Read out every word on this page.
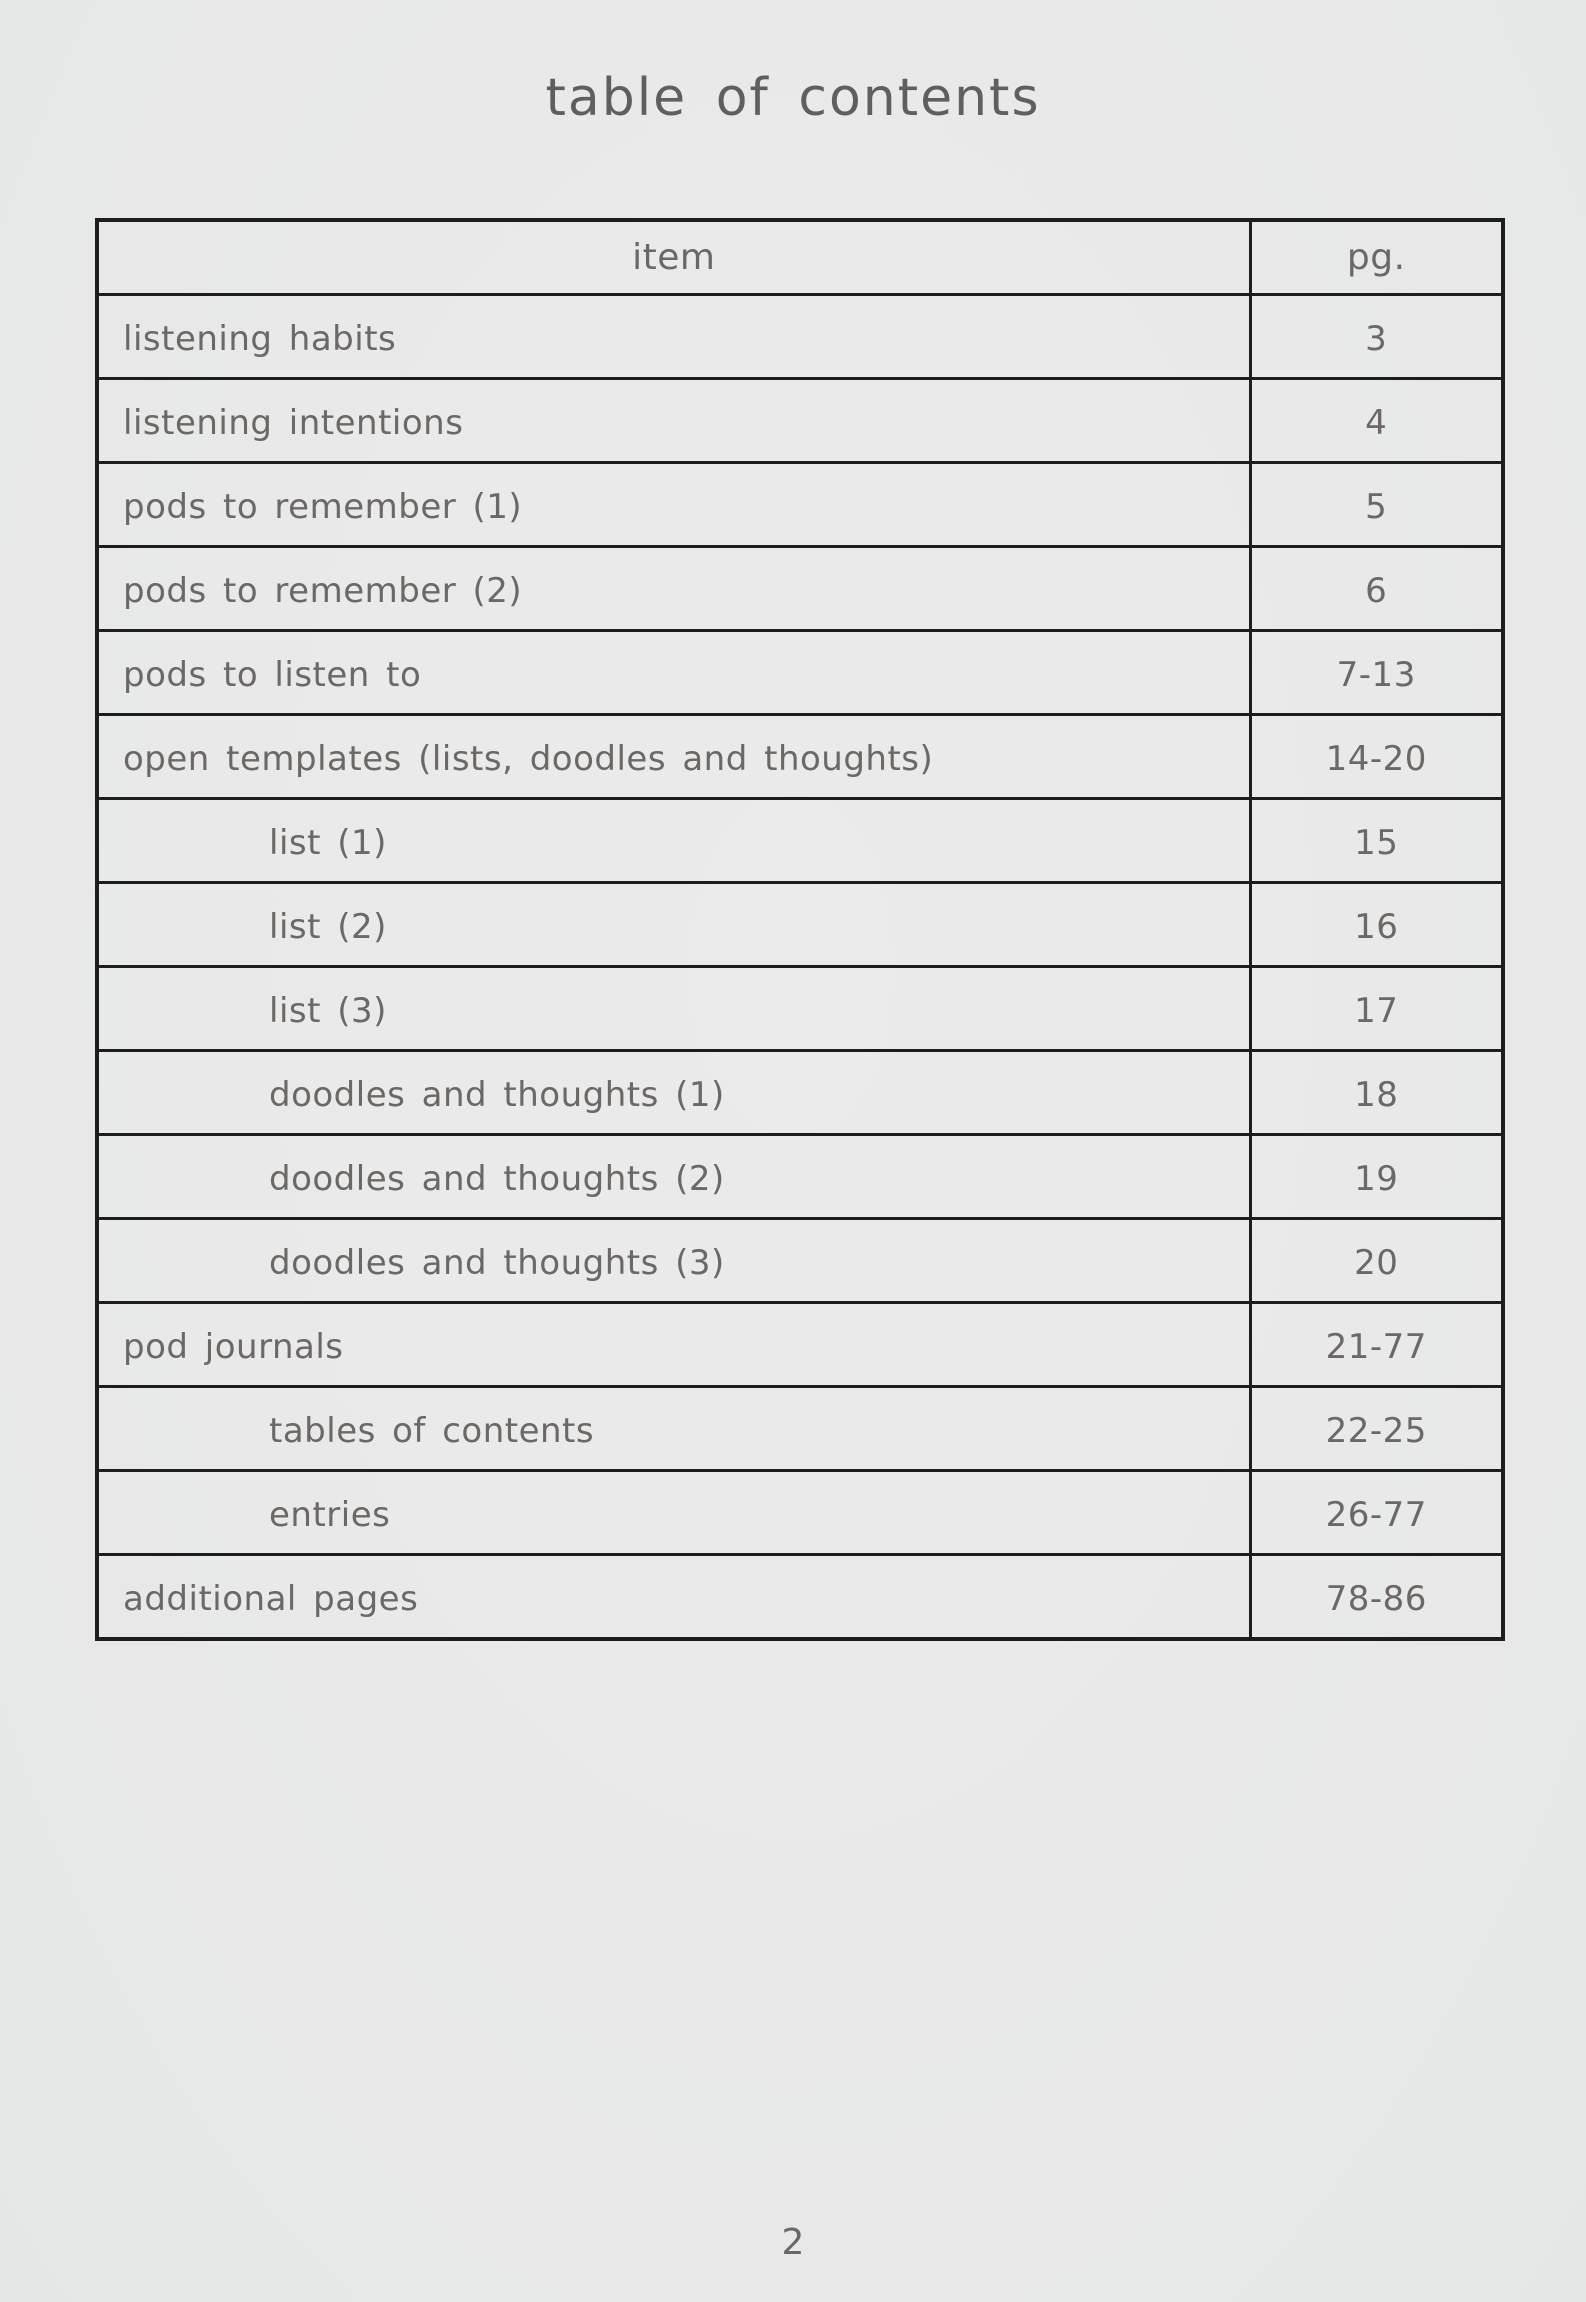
table of contents
item	pg.
listening habits	3
listening intentions	4
pods to remember (1)	5
pods to remember (2)	6
pods to listen to	7-13
open templates (lists, doodles and thoughts)	14-20
list (1)	15
list (2)	16
list (3)	17
doodles and thoughts (1)	18
doodles and thoughts (2)	19
doodles and thoughts (3)	20
pod journals	21-77
tables of contents	22-25
entries	26-77
additional pages	78-86
2
